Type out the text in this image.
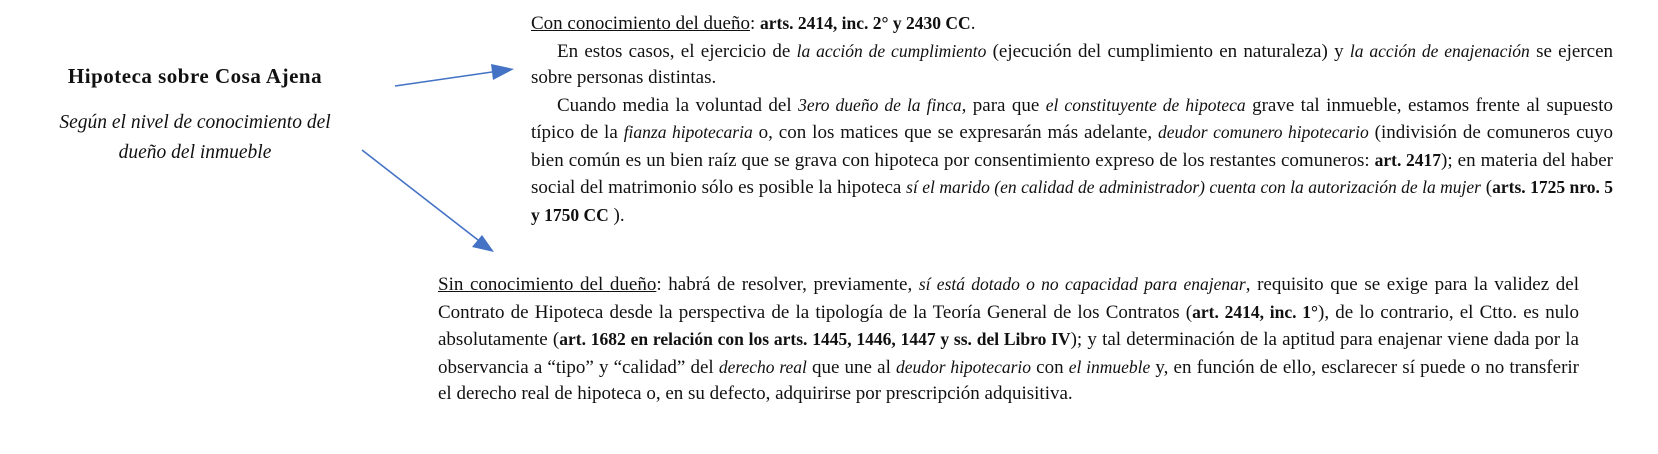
Hipoteca sobre Cosa Ajena
Según el nivel de conocimiento del
dueño del inmueble

Con conocimiento del dueño: arts. 2414, inc. 2° y 2430 CC.

En estos casos, el ejercicio de la acción de cumplimiento (ejecución del cumplimiento en naturaleza) y la acción de enajenación se ejercen sobre personas distintas.

Cuando media la voluntad del 3ero dueño de la finca, para que el constituyente de hipoteca grave tal inmueble, estamos frente al supuesto típico de la fianza hipotecaria o, con los matices que se expresarán más adelante, deudor comunero hipotecario (indivisión de comuneros cuyo bien común es un bien raíz que se grava con hipoteca por consentimiento expreso de los restantes comuneros: art. 2417); en materia del haber social del matrimonio sólo es posible la hipoteca sí el marido (en calidad de administrador) cuenta con la autorización de la mujer (arts. 1725 nro. 5 y 1750 CC ).

Sin conocimiento del dueño: habrá de resolver, previamente, sí está dotado o no capacidad para enajenar, requisito que se exige para la validez del Contrato de Hipoteca desde la perspectiva de la tipología de la Teoría General de los Contratos (art. 2414, inc. 1°), de lo contrario, el Ctto. es nulo absolutamente (art. 1682 en relación con los arts. 1445, 1446, 1447 y ss. del Libro IV); y tal determinación de la aptitud para enajenar viene dada por la observancia a “tipo” y “calidad” del derecho real que une al deudor hipotecario con el inmueble y, en función de ello, esclarecer sí puede o no transferir el derecho real de hipoteca o, en su defecto, adquirirse por prescripción adquisitiva.
